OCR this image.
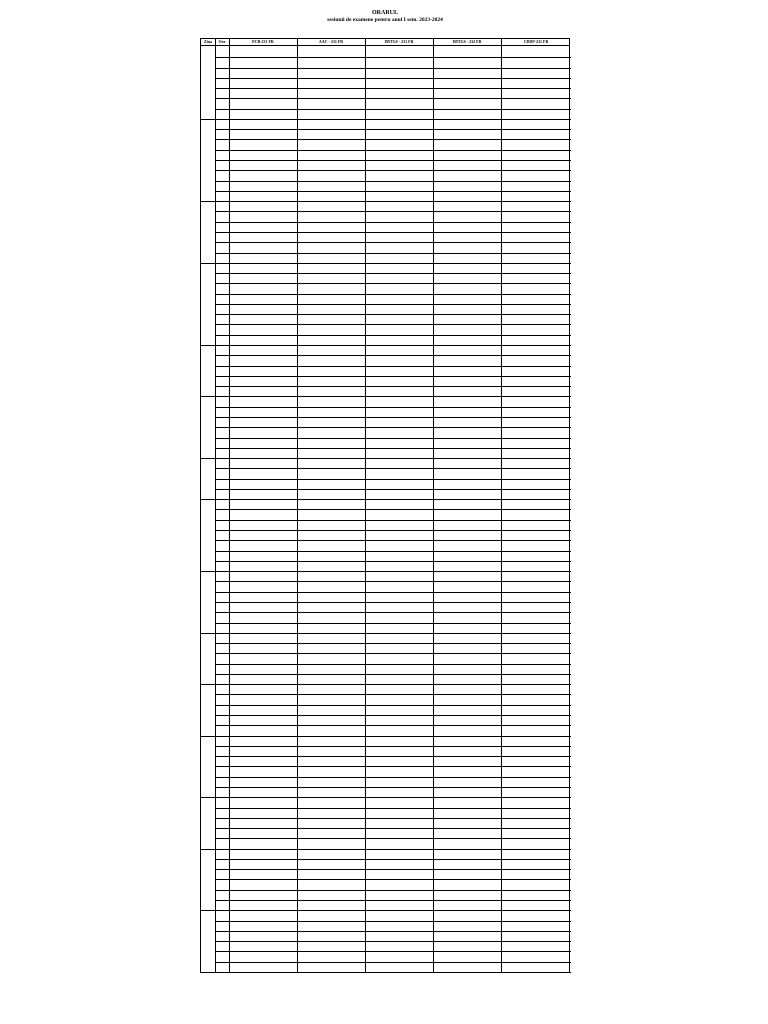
ORARUL
sesiunii de examene pentru anul I sem. 2023-2024
Ziua	Ora	PCB-231 FR	AAC - 231 FR	IMTGS - 231 FR	IMTGS - 232 FR	CDDP-231 FR
